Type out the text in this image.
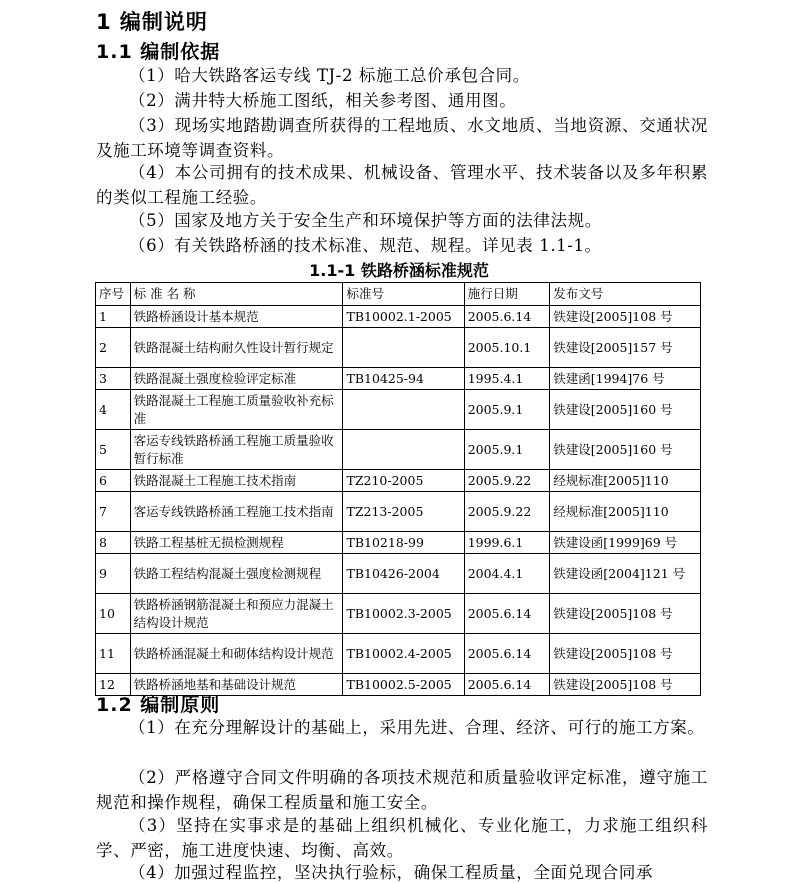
1 编制说明
1.1 编制依据
（1）哈大铁路客运专线 TJ-2 标施工总价承包合同。
（2）满井特大桥施工图纸，相关参考图、通用图。
（3）现场实地踏勘调查所获得的工程地质、水文地质、当地资源、交通状况及施工环境等调查资料。
（4）本公司拥有的技术成果、机械设备、管理水平、技术装备以及多年积累的类似工程施工经验。
（5）国家及地方关于安全生产和环境保护等方面的法律法规。
（6）有关铁路桥涵的技术标准、规范、规程。详见表 1.1-1。
1.1-1 铁路桥涵标准规范
序号	标 准 名 称	标准号	施行日期	发布文号
1	铁路桥涵设计基本规范	TB10002.1-2005	2005.6.14	铁建设[2005]108 号
2	铁路混凝土结构耐久性设计暂行规定		2005.10.1	铁建设[2005]157 号
3	铁路混凝土强度检验评定标准	TB10425-94	1995.4.1	铁建函[1994]76 号
4	铁路混凝土工程施工质量验收补充标准		2005.9.1	铁建设[2005]160 号
5	客运专线铁路桥涵工程施工质量验收暂行标准		2005.9.1	铁建设[2005]160 号
6	铁路混凝土工程施工技术指南	TZ210-2005	2005.9.22	经规标准[2005]110
7	客运专线铁路桥涵工程施工技术指南	TZ213-2005	2005.9.22	经规标准[2005]110
8	铁路工程基桩无损检测规程	TB10218-99	1999.6.1	铁建设函[1999]69 号
9	铁路工程结构混凝土强度检测规程	TB10426-2004	2004.4.1	铁建设函[2004]121 号
10	铁路桥涵钢筋混凝土和预应力混凝土结构设计规范	TB10002.3-2005	2005.6.14	铁建设[2005]108 号
11	铁路桥涵混凝土和砌体结构设计规范	TB10002.4-2005	2005.6.14	铁建设[2005]108 号
12	铁路桥涵地基和基础设计规范	TB10002.5-2005	2005.6.14	铁建设[2005]108 号
1.2 编制原则
（1）在充分理解设计的基础上，采用先进、合理、经济、可行的施工方案。
（2）严格遵守合同文件明确的各项技术规范和质量验收评定标准，遵守施工规范和操作规程，确保工程质量和施工安全。
（3）坚持在实事求是的基础上组织机械化、专业化施工，力求施工组织科学、严密，施工进度快速、均衡、高效。
（4）加强过程监控，坚决执行验标，确保工程质量，全面兑现合同承
